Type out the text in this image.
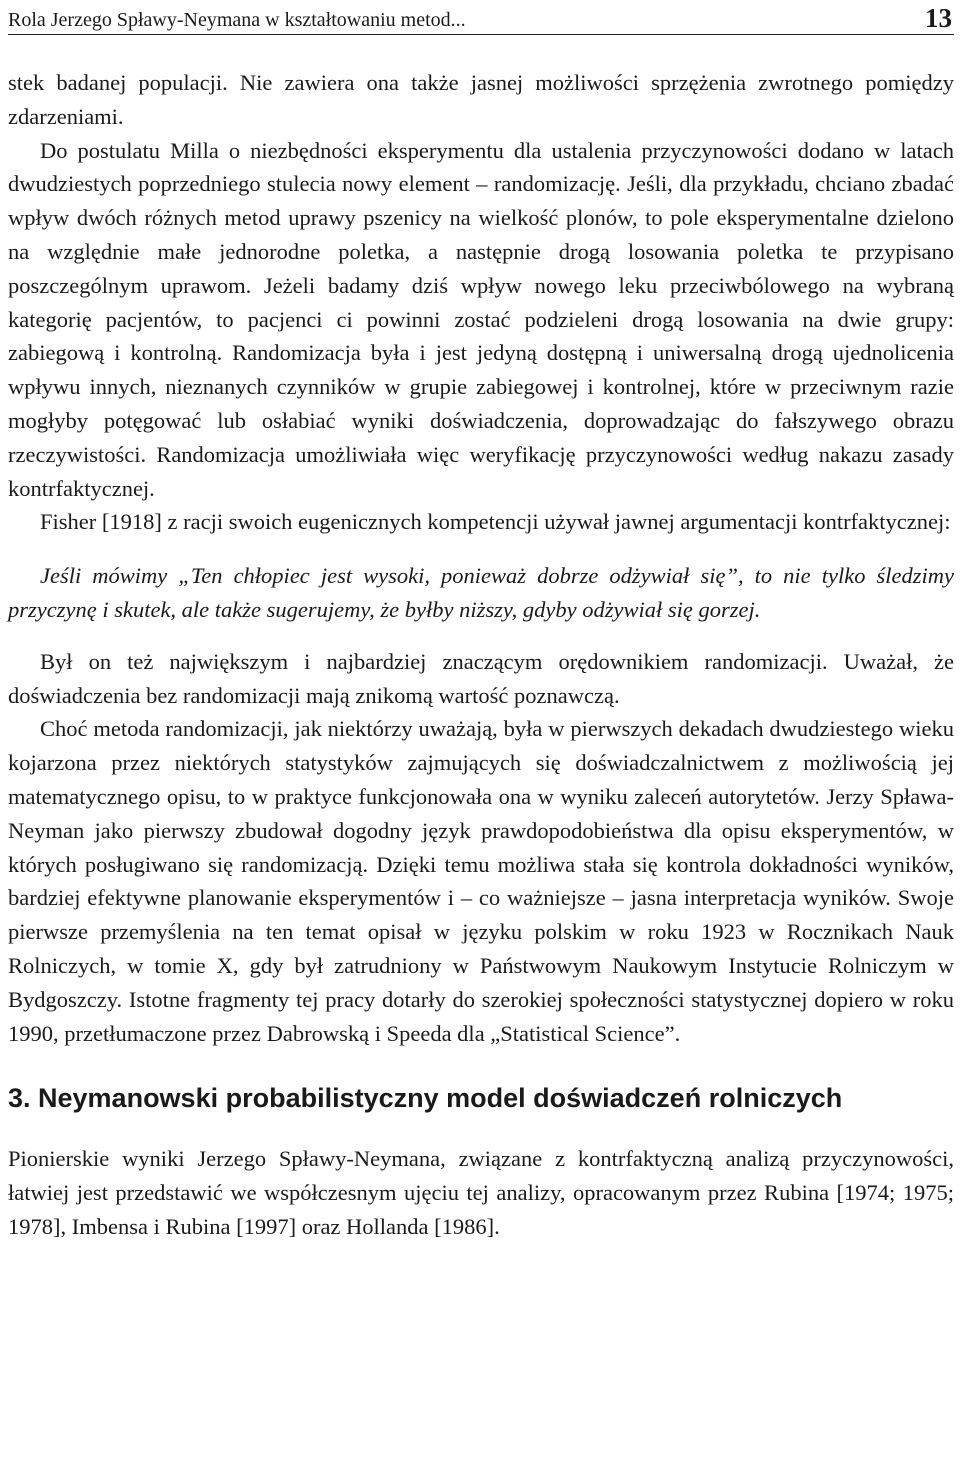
Rola Jerzego Spławy-Neymana w kształtowaniu metod...	13

stek badanej populacji. Nie zawiera ona także jasnej możliwości sprzężenia zwrotnego pomiędzy zdarzeniami.

Do postulatu Milla o niezbędności eksperymentu dla ustalenia przyczynowości dodano w latach dwudziestych poprzedniego stulecia nowy element – randomizację. Jeśli, dla przykładu, chciano zbadać wpływ dwóch różnych metod uprawy pszenicy na wielkość plonów, to pole eksperymentalne dzielono na względnie małe jednorodne poletka, a następnie drogą losowania poletka te przypisano poszczególnym uprawom. Jeżeli badamy dziś wpływ nowego leku przeciwbólowego na wybraną kategorię pacjentów, to pacjenci ci powinni zostać podzieleni drogą losowania na dwie grupy: zabiegową i kontrolną. Randomizacja była i jest jedyną dostępną i uniwersalną drogą ujednolicenia wpływu innych, nieznanych czynników w grupie zabiegowej i kontrolnej, które w przeciwnym razie mogłyby potęgować lub osłabiać wyniki doświadczenia, doprowadzając do fałszywego obrazu rzeczywistości. Randomizacja umożliwiała więc weryfikację przyczynowości według nakazu zasady kontrfaktycznej.

Fisher [1918] z racji swoich eugenicznych kompetencji używał jawnej argumentacji kontrfaktycznej:

Jeśli mówimy „Ten chłopiec jest wysoki, ponieważ dobrze odżywiał się”, to nie tylko śledzimy przyczynę i skutek, ale także sugerujemy, że byłby niższy, gdyby odżywiał się gorzej.

Był on też największym i najbardziej znaczącym orędownikiem randomizacji. Uważał, że doświadczenia bez randomizacji mają znikomą wartość poznawczą.

Choć metoda randomizacji, jak niektórzy uważają, była w pierwszych dekadach dwudziestego wieku kojarzona przez niektórych statystyków zajmujących się doświadczalnictwem z możliwością jej matematycznego opisu, to w praktyce funkcjonowała ona w wyniku zaleceń autorytetów. Jerzy Spława-Neyman jako pierwszy zbudował dogodny język prawdopodobieństwa dla opisu eksperymentów, w których posługiwano się randomizacją. Dzięki temu możliwa stała się kontrola dokładności wyników, bardziej efektywne planowanie eksperymentów i – co ważniejsze – jasna interpretacja wyników. Swoje pierwsze przemyślenia na ten temat opisał w języku polskim w roku 1923 w Rocznikach Nauk Rolniczych, w tomie X, gdy był zatrudniony w Państwowym Naukowym Instytucie Rolniczym w Bydgoszczy. Istotne fragmenty tej pracy dotarły do szerokiej społeczności statystycznej dopiero w roku 1990, przetłumaczone przez Dabrowską i Speeda dla „Statistical Science”.

3. Neymanowski probabilistyczny model doświadczeń rolniczych

Pionierskie wyniki Jerzego Spławy-Neymana, związane z kontrfaktyczną analizą przyczynowości, łatwiej jest przedstawić we współczesnym ujęciu tej analizy, opracowanym przez Rubina [1974; 1975; 1978], Imbensa i Rubina [1997] oraz Hollanda [1986].
